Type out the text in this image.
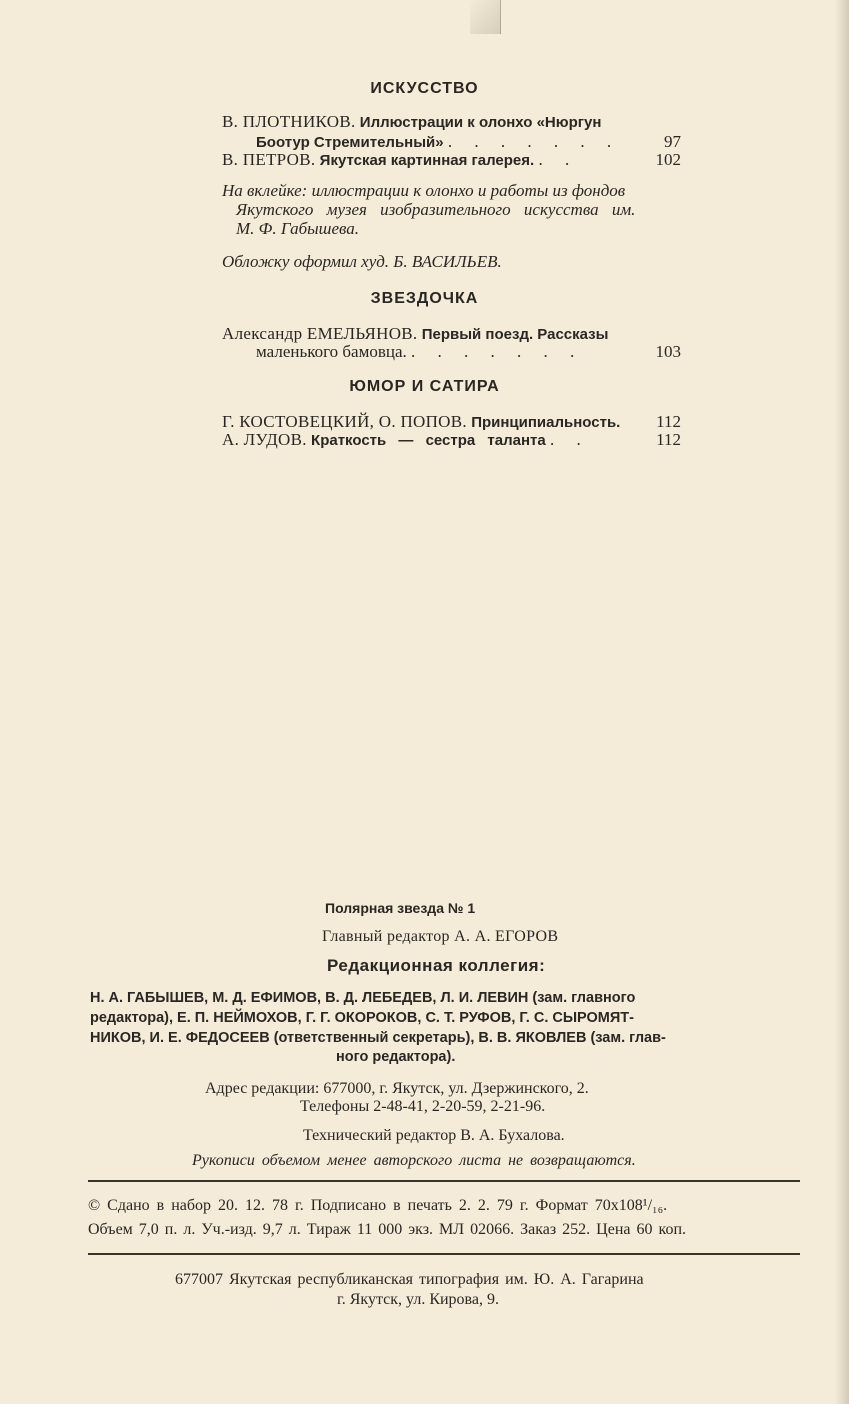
ИСКУССТВО
В. ПЛОТНИКОВ. Иллюстрации к олонхо «Нюргун
Боотур Стремительный» . . . . . . .	97
В. ПЕТРОВ. Якутская картинная галерея. . .	102
На вклейке: иллюстрации к олонхо и работы из фондов
Якутского музея изобразительного искусства им.
М. Ф. Габышева.
Обложку оформил худ. Б. ВАСИЛЬЕВ.
ЗВЕЗДОЧКА
Александр ЕМЕЛЬЯНОВ. Первый поезд. Рассказы
маленького бамовца. . . . . . . .	103
ЮМОР И САТИРА
Г. КОСТОВЕЦКИЙ, О. ПОПОВ. Принципиальность.	112
А. ЛУДОВ. Краткость — сестра таланта . .	112
Полярная звезда № 1
Главный редактор А. А. ЕГОРОВ
Редакционная коллегия:
Н. А. ГАБЫШЕВ, М. Д. ЕФИМОВ, В. Д. ЛЕБЕДЕВ, Л. И. ЛЕВИН (зам. главного
редактора), Е. П. НЕЙМОХОВ, Г. Г. ОКОРОКОВ, С. Т. РУФОВ, Г. С. СЫРОМЯТ-
НИКОВ, И. Е. ФЕДОСЕЕВ (ответственный секретарь), В. В. ЯКОВЛЕВ (зам. глав-
ного редактора).
Адрес редакции: 677000, г. Якутск, ул. Дзержинского, 2.
Телефоны 2-48-41, 2-20-59, 2-21-96.
Технический редактор В. А. Бухалова.
Рукописи объемом менее авторского листа не возвращаются.
© Сдано в набор 20. 12. 78 г. Подписано в печать 2. 2. 79 г. Формат 70х108¹/₁₆.
Объем 7,0 п. л. Уч.-изд. 9,7 л. Тираж 11 000 экз. МЛ 02066. Заказ 252. Цена 60 коп.
677007 Якутская республиканская типография им. Ю. А. Гагарина
г. Якутск, ул. Кирова, 9.
